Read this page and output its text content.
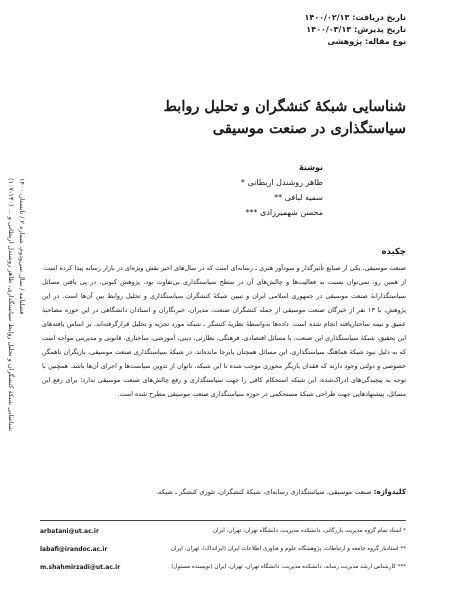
تاریخ دریافت: ۱۴۰۰/۰۲/۱۳
تاریخ پذیرش: ۱۴۰۰/۰۳/۱۳
نوع مقاله: پژوهشی
شناسایی شبکهٔ کنشگران و تحلیل روابط سیاستگذاری در صنعت موسیقی
نوشتهٔ
طاهر روشندل اربطانی *
سمیه لبافی **
محسن شهمیرزادی ***
شناسایی شبکهٔ کنشگران و تحلیل روابط سیاستگذاری، طاهر روشندل اربطانی و ... (۱۳۰-۱۰۷)
فصلنامه / سال سی‌ودوم، شماره ۲ / تابستان ۱۴۰۰	چکیده
صنعت موسیقی، یکی از صنایع تأثیرگذار و سودآور هنری ـ رسانه‌ای است که در سال‌های اخیر نقش ویژه‌ای در بازار رسانه پیدا کرده است. از همین رو، نمی‌توان نسبت به فعالیت‌ها و چالش‌های آن در سطح سیاستگذاری بی‌تفاوت بود. پژوهش کنونی، در پی یافتن مسائل سیاستگذارانهٔ صنعت موسیقی در جمهوری اسلامی ایران و تبیین شبکهٔ کنشگران سیاستگذاری و تحلیل روابط بین آن‌ها است. در این پژوهش، با ۱۳ نفر از خبرگان صنعت موسیقی از جمله کنشگران صنعت، مدیران، خبرنگاران و استادان دانشگاهی در این حوزه مصاحبهٔ عمیق و نیمه ساختاریافته انجام شده است. داده‌ها به‌واسطهٔ نظریهٔ کنشگر ـ شبکه مورد تجزیه و تحلیل قرارگرفته‌اند. بر اساس یافته‌های این تحقیق، شبکهٔ سیاستگذاری این صنعت، با مسائل اقتصادی، فرهنگی، نظارتی، دینی، آموزشی، ساختاری، قانونی و مدیریتی مواجه است که به دلیل نبود شبکهٔ هماهنگ سیاستگذاری، این مسائل همچنان پابرجا مانده‌اند. در شبکهٔ سیاستگذاری صنعت موسیقی، بازیگران ناهمگن خصوصی و دولتی وجود دارند که فقدان بازیگر محوری موجب شده تا این شبکه، ناتوان از تدوین سیاست‌ها و اجرای آن‌ها باشد. همچنین با توجه به پیچیدگی‌های ادراک‌شده، این شبکه استحکام کافی را جهت سیاستگذاری و رفع چالش‌های صنعت موسیقی ندارد؛ برای رفع این مسائل، پیشنهادهایی جهت طراحی شبکهٔ مستحکمی در حوزه سیاستگذاری صنعت موسیقی مطرح شده است.
کلیدواژه: صنعت موسیقی، سیاستگذاری رسانه‌ای، شبکهٔ کنشگران، تئوری کنشگر ـ شبکه.
* استاد تمام گروه مدیریت بازرگانی، دانشکده مدیریت، دانشگاه تهران، تهران، ایران
arbatani@ut.ac.ir
** استادیار گروه جامعه و ارتباطات، پژوهشگاه علوم و فناوری اطلاعات ایران (ایرانداک)، تهران، ایران
labafi@irandoc.ac.ir
*** کارشناس ارشد مدیریت رسانه، دانشکده مدیریت، دانشگاه تهران، تهران، ایران (نویسنده مسئول)
m.shahmirzadi@ut.ac.ir
